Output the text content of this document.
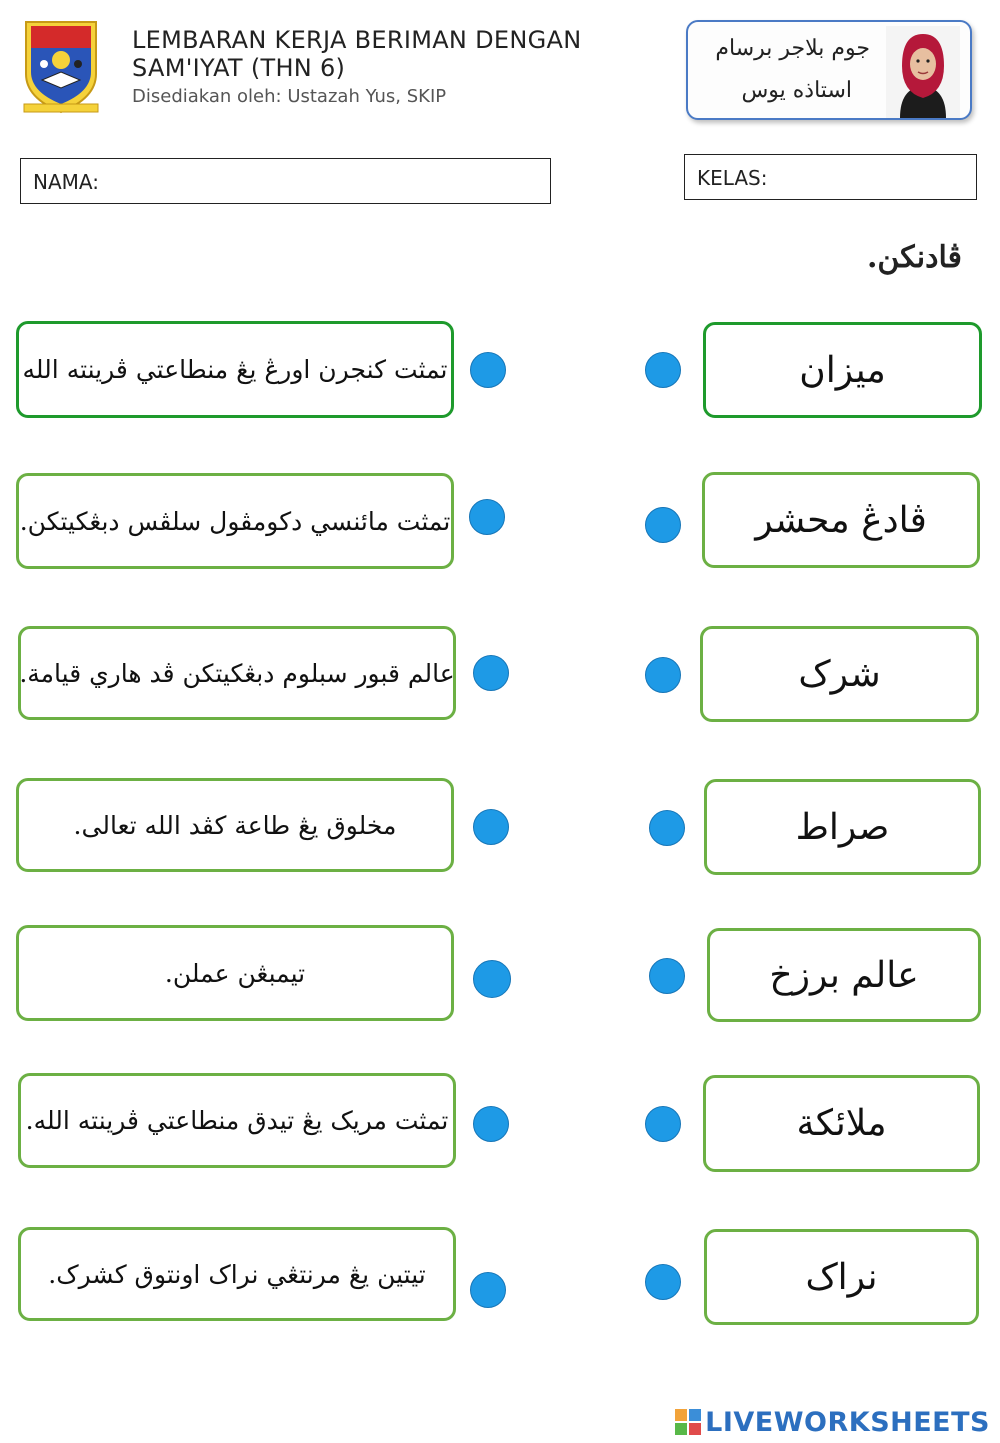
LEMBARAN KERJA BERIMAN DENGAN
SAM'IYAT (THN 6)
Disediakan oleh: Ustazah Yus, SKIP
جوم بلاجر برسام
استاذه يوس
NAMA:	KELAS:
ڤادنکن.
تمثت کنجرن اورڠ يڠ منطاعتي ڤرينته الله
تمثت مائنسي دکومڤول سلڤس دبڠکيتکن.
عالم قبور سبلوم دبڠکيتکن ڤد هاري قيامة.
مخلوق يڠ طاعة کڤد الله تعالى.
تيمبڠن عملن.
تمثت مريک يڠ تيدق منطاعتي ڤرينته الله.
تيتين يڠ مرنتڠي نراک اونتوق کشرک.
ميزان
ڤادڠ محشر
شرک
صراط
عالم برزخ
ملائكة
نراک
LIVEWORKSHEETS
